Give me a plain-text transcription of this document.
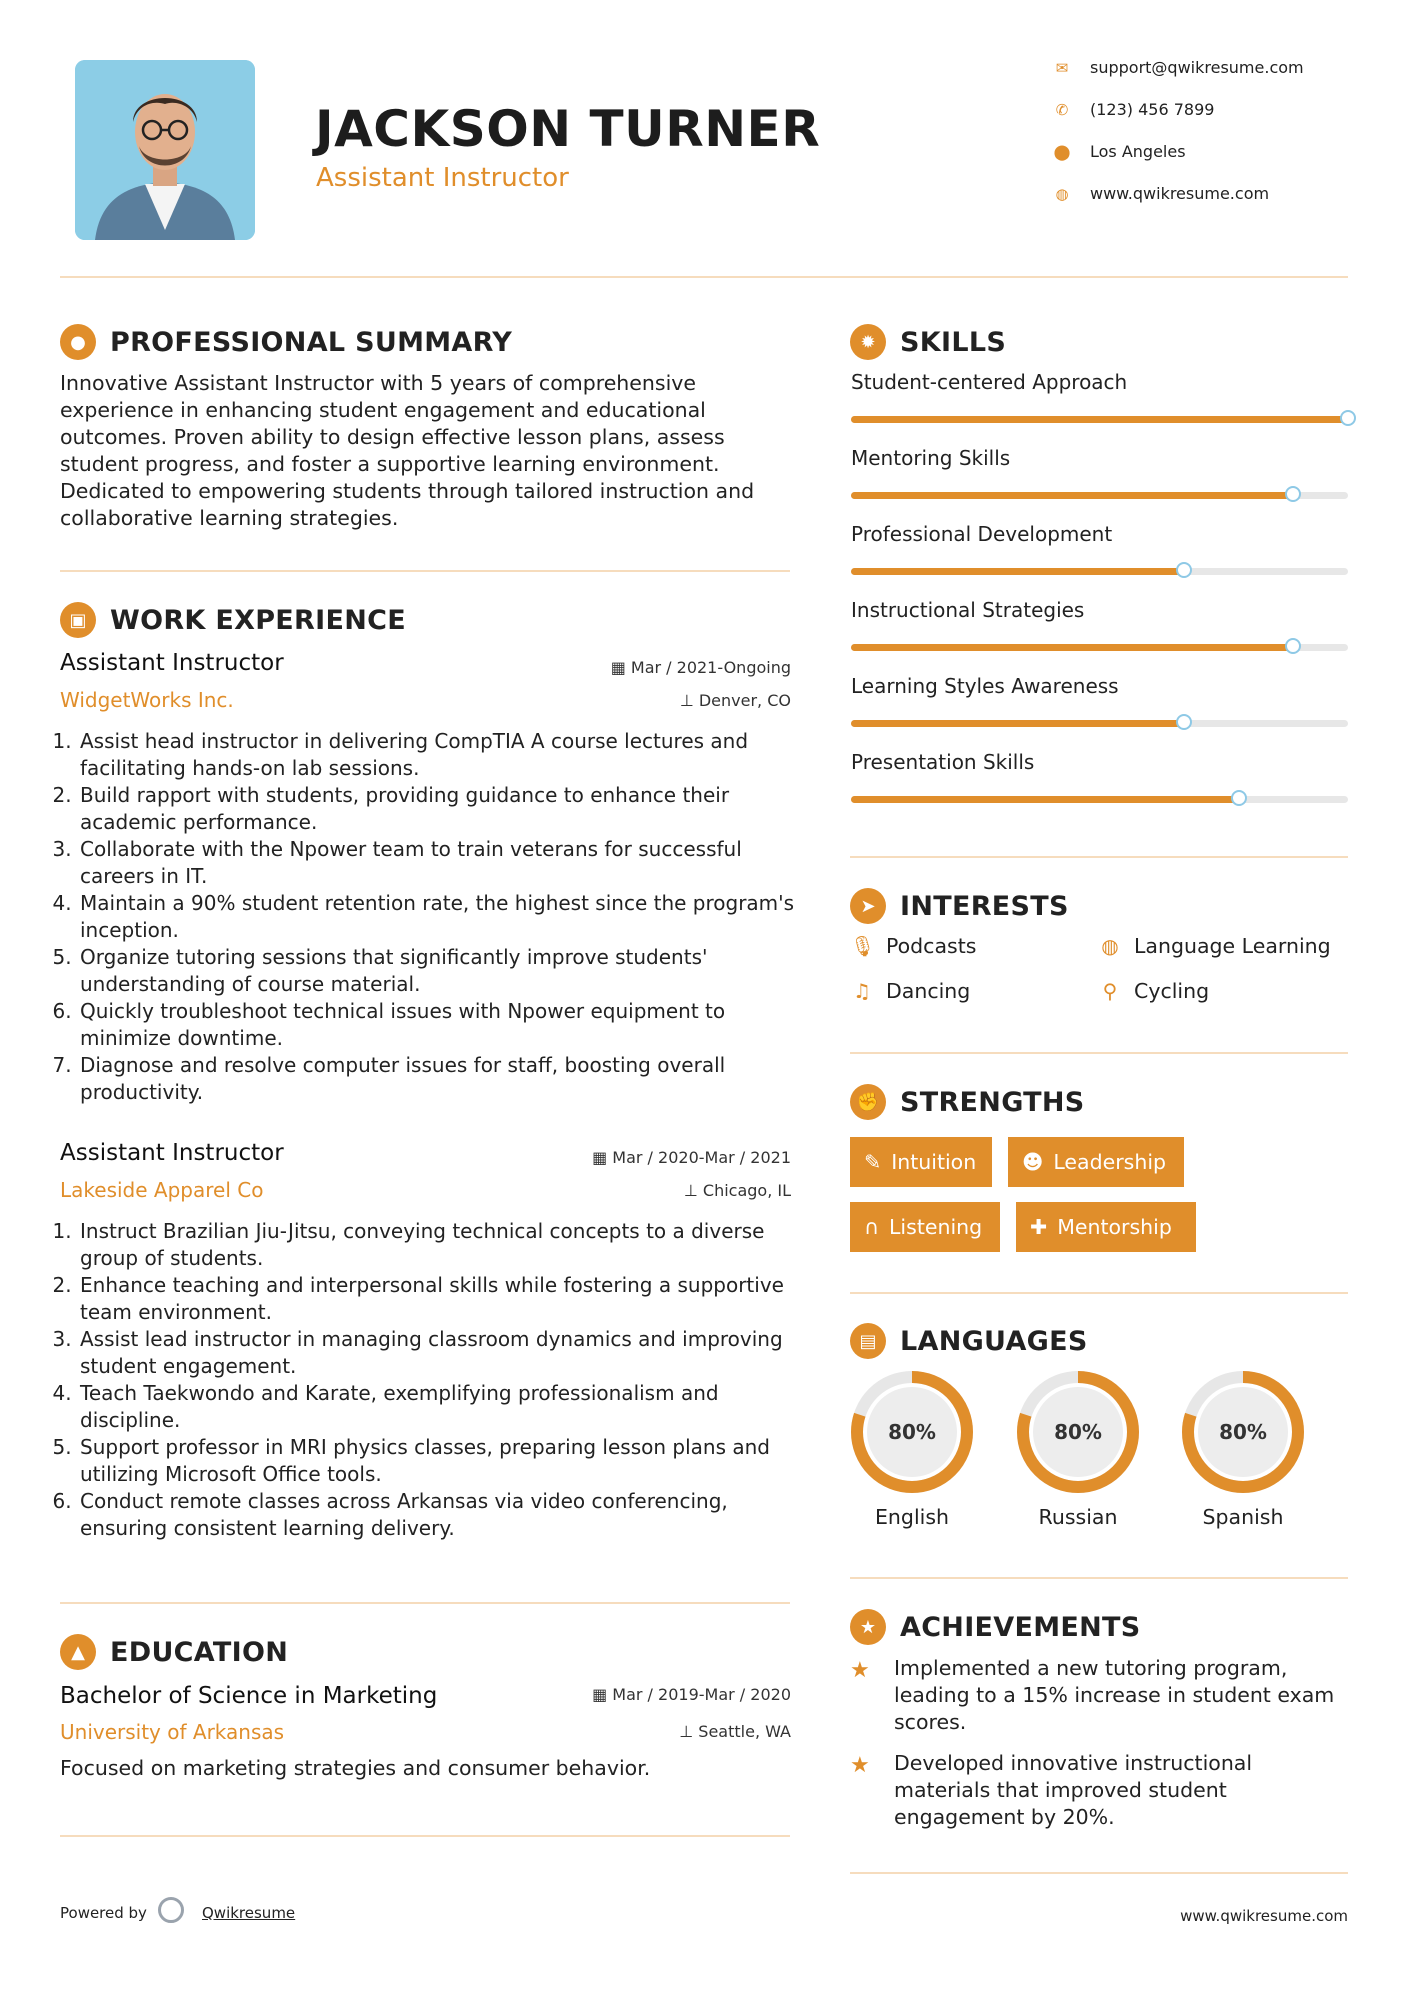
JACKSON TURNER
Assistant Instructor
✉ support@qwikresume.com
✆ (123) 456 7899
⬤ Los Angeles
◍ www.qwikresume.com
● PROFESSIONAL SUMMARY
Innovative Assistant Instructor with 5 years of comprehensive experience in enhancing student engagement and educational outcomes. Proven ability to design effective lesson plans, assess student progress, and foster a supportive learning environment. Dedicated to empowering students through tailored instruction and collaborative learning strategies.
▣ WORK EXPERIENCE
Assistant Instructor	▦ Mar / 2021-Ongoing
WidgetWorks Inc.	⊥ Denver, CO
1. Assist head instructor in delivering CompTIA A course lectures and facilitating hands-on lab sessions.
2. Build rapport with students, providing guidance to enhance their academic performance.
3. Collaborate with the Npower team to train veterans for successful careers in IT.
4. Maintain a 90% student retention rate, the highest since the program's inception.
5. Organize tutoring sessions that significantly improve students' understanding of course material.
6. Quickly troubleshoot technical issues with Npower equipment to minimize downtime.
7. Diagnose and resolve computer issues for staff, boosting overall productivity.
Assistant Instructor	▦ Mar / 2020-Mar / 2021
Lakeside Apparel Co	⊥ Chicago, IL
1. Instruct Brazilian Jiu-Jitsu, conveying technical concepts to a diverse group of students.
2. Enhance teaching and interpersonal skills while fostering a supportive team environment.
3. Assist lead instructor in managing classroom dynamics and improving student engagement.
4. Teach Taekwondo and Karate, exemplifying professionalism and discipline.
5. Support professor in MRI physics classes, preparing lesson plans and utilizing Microsoft Office tools.
6. Conduct remote classes across Arkansas via video conferencing, ensuring consistent learning delivery.
▲ EDUCATION
Bachelor of Science in Marketing	▦ Mar / 2019-Mar / 2020
University of Arkansas	⊥ Seattle, WA
Focused on marketing strategies and consumer behavior.
✹ SKILLS
Student-centered Approach
Mentoring Skills
Professional Development
Instructional Strategies
Learning Styles Awareness
Presentation Skills
➤ INTERESTS
🎙 Podcasts	◍ Language Learning
♫ Dancing	⚲ Cycling
✊ STRENGTHS
✎ Intuition ☻ Leadership
∩ Listening ✚ Mentorship
▤ LANGUAGES
80%
English
80%
Russian
80%
Spanish
★ ACHIEVEMENTS
★	Implemented a new tutoring program, leading to a 15% increase in student exam scores.
★	Developed innovative instructional materials that improved student engagement by 20%.
Powered by	Qwikresume	www.qwikresume.com
